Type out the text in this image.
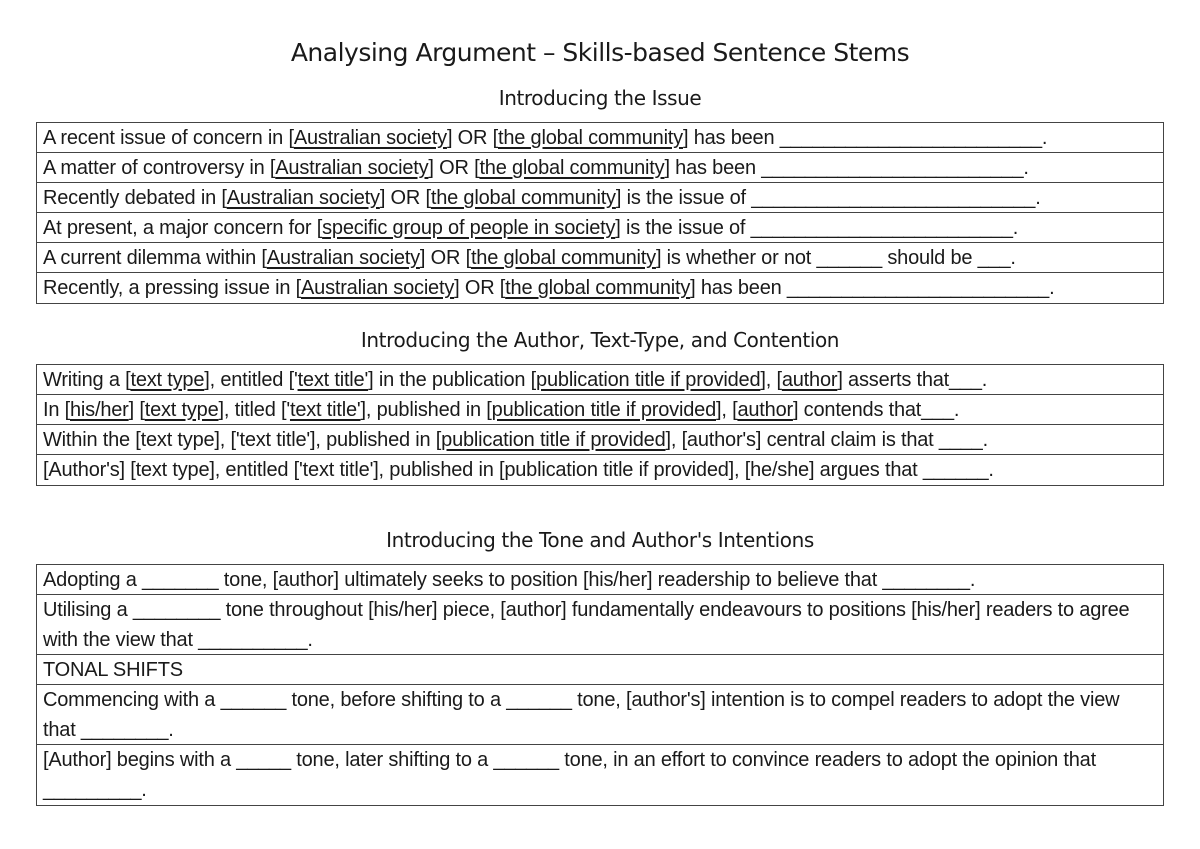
Analysing Argument – Skills-based Sentence Stems
Introducing the Issue
A recent issue of concern in [Australian society] OR [the global community] has been ________________________.
A matter of controversy in [Australian society] OR [the global community] has been ________________________.
Recently debated in [Australian society] OR [the global community] is the issue of __________________________.
At present, a major concern for [specific group of people in society] is the issue of ________________________.
A current dilemma within [Australian society] OR [the global community] is whether or not ______ should be ___.
Recently, a pressing issue in [Australian society] OR [the global community] has been ________________________.
Introducing the Author, Text-Type, and Contention
Writing a [text type], entitled ['text title'] in the publication [publication title if provided], [author] asserts that___.
In [his/her] [text type], titled ['text title'], published in [publication title if provided], [author] contends that___.
Within the [text type], ['text title'], published in [publication title if provided], [author's] central claim is that ____.
[Author's] [text type], entitled ['text title'], published in [publication title if provided], [he/she] argues that ______.
Introducing the Tone and Author's Intentions
Adopting a _______ tone, [author] ultimately seeks to position [his/her] readership to believe that ________.
Utilising a ________ tone throughout [his/her] piece, [author] fundamentally endeavours to positions [his/her] readers to agree with the view that __________.
TONAL SHIFTS
Commencing with a ______ tone, before shifting to a ______ tone, [author's] intention is to compel readers to adopt the view that ________.
[Author] begins with a _____ tone, later shifting to a ______ tone, in an effort to convince readers to adopt the opinion that _________.
